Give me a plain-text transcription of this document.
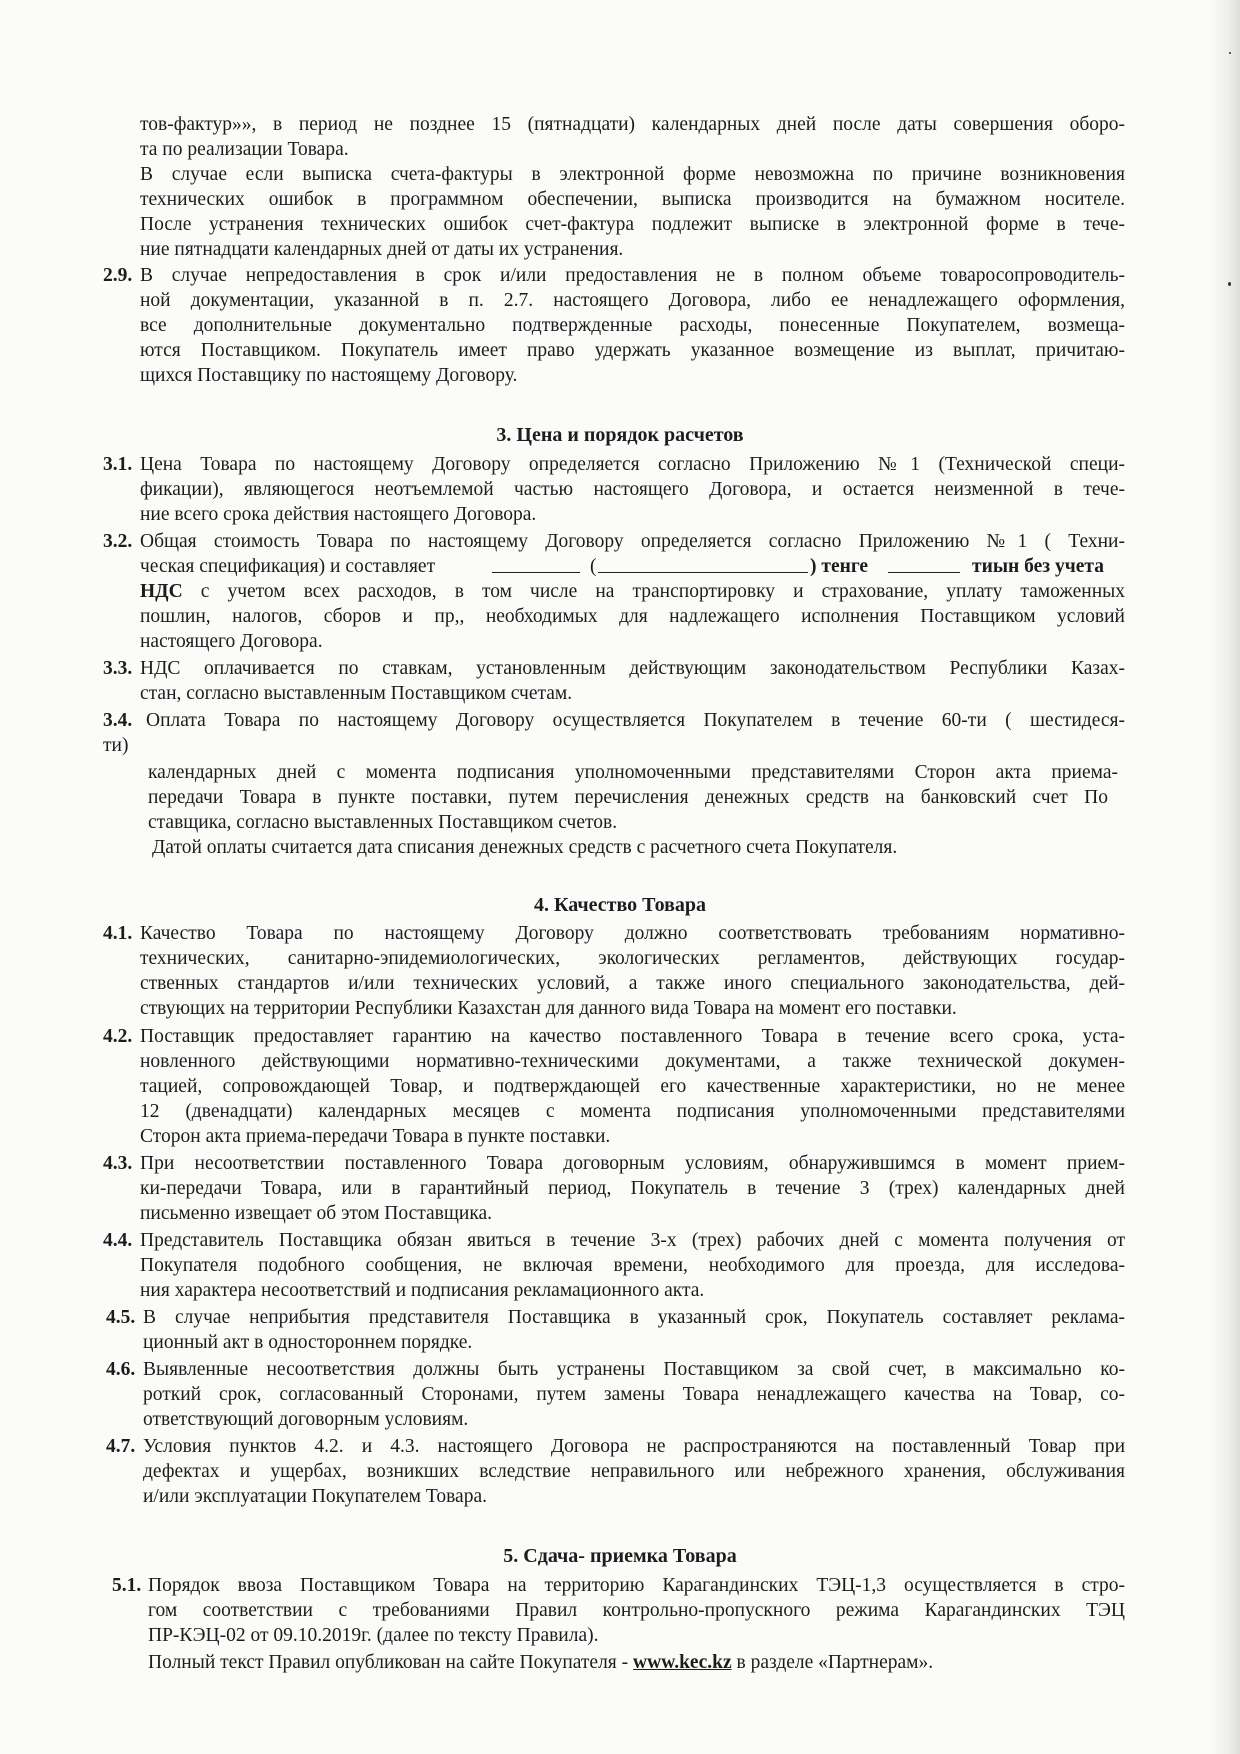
тов-фактур»», в период не позднее 15 (пятнадцати) календарных дней после даты совершения оборо-
та по реализации Товара.
В случае если выписка счета-фактуры в электронной форме невозможна по причине возникновения
технических ошибок в программном обеспечении, выписка производится на бумажном носителе.
После устранения технических ошибок счет-фактура подлежит выписке в электронной форме в тече-
ние пятнадцати календарных дней от даты их устранения.
2.9. В случае непредоставления в срок и/или предоставления не в полном объеме товаросопроводитель-
ной документации, указанной в п. 2.7. настоящего Договора, либо ее ненадлежащего оформления,
все дополнительные документально подтвержденные расходы, понесенные Покупателем, возмеща-
ются Поставщиком. Покупатель имеет право удержать указанное возмещение из выплат, причитаю-
щихся Поставщику по настоящему Договору.
3. Цена и порядок расчетов
3.1. Цена Товара по настоящему Договору определяется согласно Приложению №1 (Технической специ-
фикации), являющегося неотъемлемой частью настоящего Договора, и остается неизменной в тече-
ние всего срока действия настоящего Договора.
3.2. Общая стоимость Товара по настоящему Договору определяется согласно Приложению №1 ( Техни-
ческая спецификация) и составляет	(	) тенге	тиын без учета
НДС с учетом всех расходов, в том числе на транспортировку и страхование, уплату таможенных
пошлин, налогов, сборов и пр,, необходимых для надлежащего исполнения Поставщиком условий
настоящего Договора.
3.3. НДС оплачивается по ставкам, установленным действующим законодательством Республики Казах-
стан, согласно выставленным Поставщиком счетам.
3.4. Оплата Товара по настоящему Договору осуществляется Покупателем в течение 60-ти ( шестидеся-
ти)
календарных дней с момента подписания уполномоченными представителями Сторон акта приема-
передачи Товара в пункте поставки, путем перечисления денежных средств на банковский счет По
ставщика, согласно выставленных Поставщиком счетов.
Датой оплаты считается дата списания денежных средств с расчетного счета Покупателя.
4. Качество Товара
4.1. Качество Товара по настоящему Договору должно соответствовать требованиям нормативно-
технических, санитарно-эпидемиологических, экологических регламентов, действующих государ-
ственных стандартов и/или технических условий, а также иного специального законодательства, дей-
ствующих на территории Республики Казахстан для данного вида Товара на момент его поставки.
4.2. Поставщик предоставляет гарантию на качество поставленного Товара в течение всего срока, уста-
новленного действующими нормативно-техническими документами, а также технической докумен-
тацией, сопровождающей Товар, и подтверждающей его качественные характеристики, но не менее
12 (двенадцати) календарных месяцев с момента подписания уполномоченными представителями
Сторон акта приема-передачи Товара в пункте поставки.
4.3. При несоответствии поставленного Товара договорным условиям, обнаружившимся в момент прием-
ки-передачи Товара, или в гарантийный период, Покупатель в течение 3 (трех) календарных дней
письменно извещает об этом Поставщика.
4.4. Представитель Поставщика обязан явиться в течение 3-х (трех) рабочих дней с момента получения от
Покупателя подобного сообщения, не включая времени, необходимого для проезда, для исследова-
ния характера несоответствий и подписания рекламационного акта.
4.5. В случае неприбытия представителя Поставщика в указанный срок, Покупатель составляет реклама-
ционный акт в одностороннем порядке.
4.6. Выявленные несоответствия должны быть устранены Поставщиком за свой счет, в максимально ко-
роткий срок, согласованный Сторонами, путем замены Товара ненадлежащего качества на Товар, со-
ответствующий договорным условиям.
4.7. Условия пунктов 4.2. и 4.3. настоящего Договора не распространяются на поставленный Товар при
дефектах и ущербах, возникших вследствие неправильного или небрежного хранения, обслуживания
и/или эксплуатации Покупателем Товара.
5. Сдача- приемка Товара
5.1. Порядок ввоза Поставщиком Товара на территорию Карагандинских ТЭЦ-1,3 осуществляется в стро-
гом соответствии с требованиями Правил контрольно-пропускного режима Карагандинских ТЭЦ
ПР-КЭЦ-02 от 09.10.2019г. (далее по тексту Правила).
Полный текст Правил опубликован на сайте Покупателя - www.kec.kz в разделе «Партнерам».
